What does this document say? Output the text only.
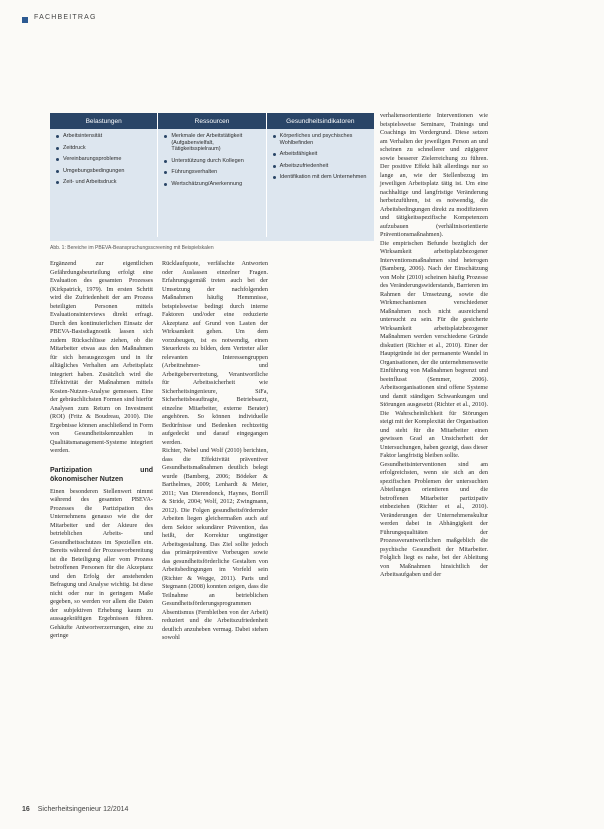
FACHBEITRAG
Belastungen	Ressourcen	Gesundheitsindikatoren
Arbeitsintensität
Zeitdruck
Vereinbarungsprobleme
Umgebungsbedingungen
Zeit- und Arbeitsdruck
Merkmale der Arbeitstätigkeit (Aufgabenvielfalt, Tätigkeitsspielraum)
Unterstützung durch Kollegen
Führungsverhalten
Wertschätzung/Anerkennung
Körperliches und psychisches Wohlbefinden
Arbeitsfähigkeit
Arbeitszufriedenheit
Identifikation mit dem Unternehmen
Abb. 1: Bereiche im PBEVA-Beanspruchungsscreening mit Beispielskalen

Ergänzend zur eigentlichen Gefährdungsbeurteilung erfolgt eine Evaluation des gesamten Prozesses (Kirkpatrick, 1979). Im ersten Schritt wird die Zufriedenheit der am Prozess beteiligten Personen mittels Evaluationsinterviews direkt erfragt. Durch den kontinuierlichen Einsatz der PBEVA-Basisdiagnostik lassen sich zudem Rückschlüsse ziehen, ob die Mitarbeiter etwas aus den Maßnahmen für sich herausgezogen und in ihr alltägliches Verhalten am Arbeitsplatz integriert haben. Zusätzlich wird die Effektivität der Maßnahmen mittels Kosten-Nutzen-Analyse gemessen. Eine der gebräuchlichsten Formen sind hierfür Analysen zum Return on Investment (ROI) (Fritz & Boudreau, 2010). Die Ergebnisse können anschließend in Form von Gesundheitskennzahlen in Qualitätsmanagement-Systeme integriert werden.

Partizipation und ökonomischer Nutzen

Einen besonderen Stellenwert nimmt während des gesamten PBEVA-Prozesses die Partizipation des Unternehmens genauso wie die der Mitarbeiter und der Akteure des betrieblichen Arbeits- und Gesundheitsschutzes im Speziellen ein. Bereits während der Prozessvorbereitung ist die Beteiligung aller vom Prozess betroffenen Personen für die Akzeptanz und den Erfolg der anstehenden Befragung und Analyse wichtig. Ist diese nicht oder nur in geringem Maße gegeben, so werden vor allem die Daten der subjektiven Erhebung kaum zu aussagekräftigen Ergebnissen führen. Gehäufte Antwortverzerrungen, eine zu geringe

Rücklaufquote, verfälschte Antworten oder Auslassen einzelner Fragen. Erfahrungsgemäß treten auch bei der Umsetzung der nachfolgenden Maßnahmen häufig Hemmnisse, beispielsweise bedingt durch interne Faktoren und/oder eine reduzierte Akzeptanz auf Grund von Lasten der Wirksamkeit gehen. Um dem vorzubeugen, ist es notwendig, einen Steuerkreis zu bilden, dem Vertreter aller relevanten Interessengruppen (Arbeitnehmer- und Arbeitgebervertretung, Verantwortliche für Arbeitssicherheit wie Sicherheitsingenieure, SiFa, Sicherheitsbeauftragte, Betriebsarzt, einzelne Mitarbeiter, externe Berater) angehören. So können individuelle Bedürfnisse und Bedenken rechtzeitig aufgedeckt und darauf eingegangen werden.

Richter, Nebel und Wolf (2010) berichten, dass die Effektivität präventiver Gesundheitsmaßnahmen deutlich belegt wurde (Bamberg, 2006; Bödeker & Barthelmes, 2009; Lenhardt & Meier, 2011; Van Dierendonck, Haynes, Borrill & Stride, 2004; Wolf, 2012; Zwingmann, 2012). Die Folgen gesundheitsfördernder Arbeiten liegen gleichermaßen auch auf dem Sektor sekundärer Prävention, das heißt, der Korrektur ungünstiger Arbeitsgestaltung. Das Ziel sollte jedoch das primärpräventive Vorbeugen sowie das gesundheitsförderliche Gestalten von Arbeitsbedingungen im Vorfeld sein (Richter & Wegge, 2011). Paris und Stegmann (2008) konnten zeigen, dass die Teilnahme an betrieblichen Gesundheitsförderungsprogrammen Absentismus (Fernbleiben von der Arbeit) reduziert und die Arbeitszufriedenheit deutlich anzuheben vermag. Dabei stehen sowohl

verhaltensorientierte Interventionen wie beispielsweise Seminare, Trainings und Coachings im Vordergrund. Diese setzen am Verhalten der jeweiligen Person an und scheinen zu schnellerer und zügigerer sowie besserer Zielerreichung zu führen. Der positive Effekt hält allerdings nur so lange an, wie der Stellenbezug im jeweiligen Arbeitsplatz tätig ist. Um eine nachhaltige und langfristige Veränderung herbeizuführen, ist es notwendig, die Arbeitsbedingungen direkt zu modifizieren und tätigkeitsspezifische Kompetenzen aufzubauen (verhältnisorientierte Präventionsmaßnahmen).

Die empirischen Befunde bezüglich der Wirksamkeit arbeitsplatzbezogener Interventionsmaßnahmen sind heterogen (Bamberg, 2006). Nach der Einschätzung von Mohr (2010) scheinen häufig Prozesse des Veränderungswiderstands, Barrieren im Rahmen der Umsetzung, sowie die Wirkmechanismen verschiedener Maßnahmen noch nicht ausreichend untersucht zu sein. Für die gesicherte Wirksamkeit arbeitsplatzbezogener Maßnahmen werden verschiedene Gründe diskutiert (Richter et al., 2010). Einer der Hauptgründe ist der permanente Wandel in Organisationen, der die unternehmensweite Einführung von Maßnahmen begrenzt und beeinflusst (Semmer, 2006). Arbeitsorganisationen sind offene Systeme und damit ständigen Schwankungen und Störungen ausgesetzt (Richter et al., 2010). Die Wahrscheinlichkeit für Störungen steigt mit der Komplexität der Organisation und steht für die Mitarbeiter einen gewissen Grad an Unsicherheit der Untersuchungen, haben gezeigt, dass dieser Faktor langfristig bleiben sollte.

Gesundheitsinterventionen sind am erfolgreichsten, wenn sie sich an den spezifischen Problemen der untersuchten Abteilungen orientieren und die betroffenen Mitarbeiter partizipativ einbeziehen (Richter et al., 2010). Veränderungen der Unternehmenskultur werden dabei in Abhängigkeit der Führungsqualitäten der Prozessverantwortlichen maßgeblich die psychische Gesundheit der Mitarbeiter. Folglich liegt es nahe, bei der Ableitung von Maßnahmen hinsichtlich der Arbeitsaufgaben und der

16 Sicherheitsingenieur 12/2014
